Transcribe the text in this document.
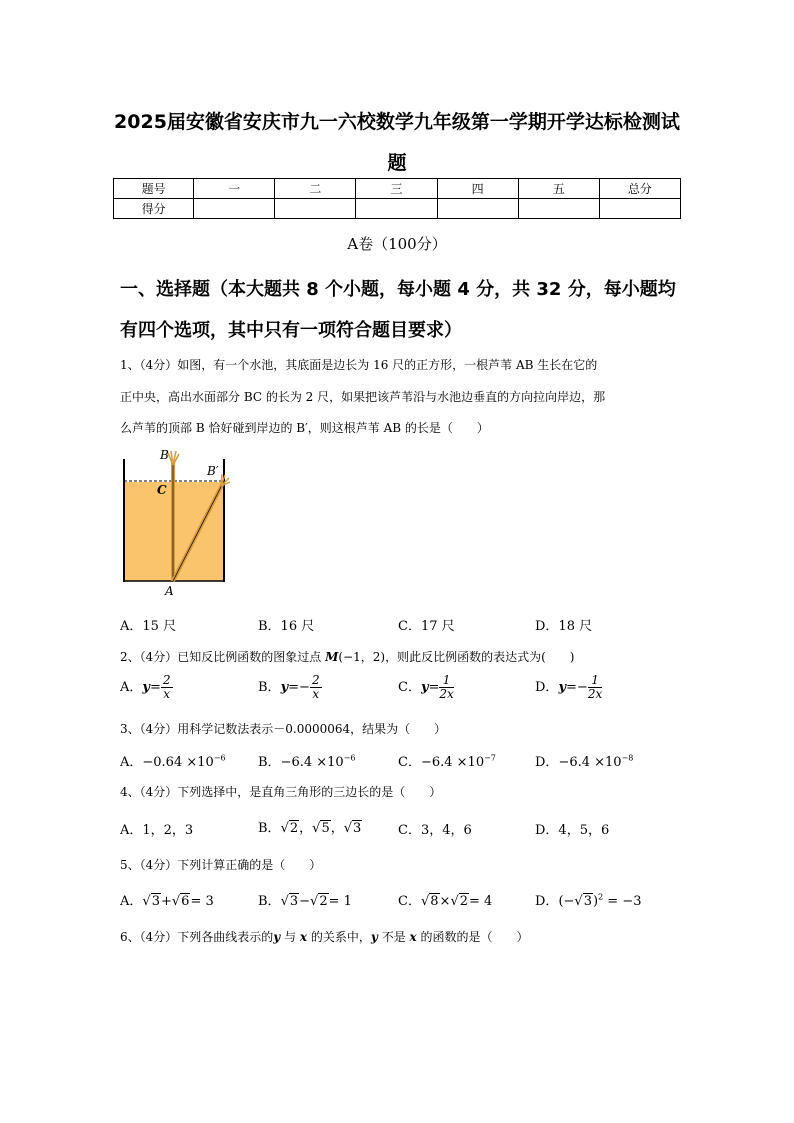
2025届安徽省安庆市九一六校数学九年级第一学期开学达标检测试
题
题号	一	二	三	四	五	总分
得分						
A卷（100分）
一、选择题（本大题共 8 个小题，每小题 4 分，共 32 分，每小题均
有四个选项，其中只有一项符合题目要求）
1、（4分）如图，有一个水池，其底面是边长为 16 尺的正方形，一根芦苇 AB 生长在它的
正中央，高出水面部分 BC 的长为 2 尺，如果把该芦苇沿与水池边垂直的方向拉向岸边，那
么芦苇的顶部 B 恰好碰到岸边的 B′，则这根芦苇 AB 的长是（　　）
B
B′
C
A
A．15 尺	B．16 尺	C．17 尺	D．18 尺
2、（4分）已知反比例函数的图象过点 M(−1，2)，则此反比例函数的表达式为(　　)
A．$y= \frac{2}{x}$	B．$y=- \frac{2}{x}$	C．$y= \frac{1}{2x}$	D．$y=- \frac{1}{2x}$
3、（4分）用科学记数法表示－0.0000064，结果为（　　）
A．$-0.64 \times 10^{-6}$ B．$-6.4 \times 10^{-6}$	C．$-6.4 \times 10^{-7}$	D．$-6.4 \times 10^{-8}$
4、（4分）下列选择中，是直角三角形的三边长的是（　　）
A．1，2，3	B．√2，√5，√3	C．3，4，6	D．4，5，6
5、（4分）下列计算正确的是（　　）
A．√3+√6= 3	B．√3−√2= 1	C．√8×√2= 4	D．$(-√3)^2 = -3$
6、（4分）下列各曲线表示的y 与 x 的关系中，y 不是 x 的函数的是（　　）
